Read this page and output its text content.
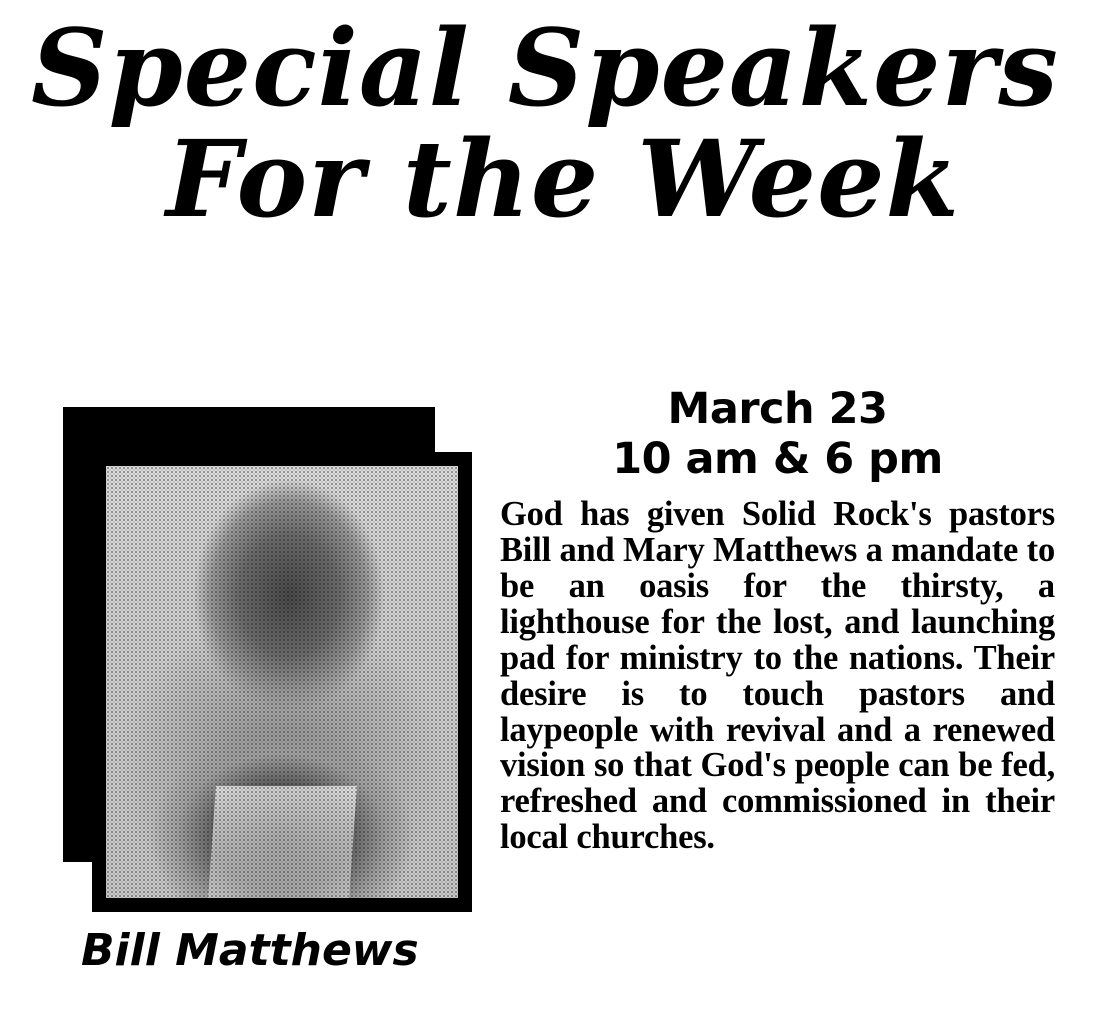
Special Speakers
For the Week
Bill Matthews
March 23
10 am & 6 pm
God has given Solid Rock's pastors Bill and Mary Matthews a mandate to be an oasis for the thirsty, a lighthouse for the lost, and launching pad for ministry to the nations. Their desire is to touch pastors and laypeople with revival and a renewed vision so that God's people can be fed, refreshed and commissioned in their local churches.
